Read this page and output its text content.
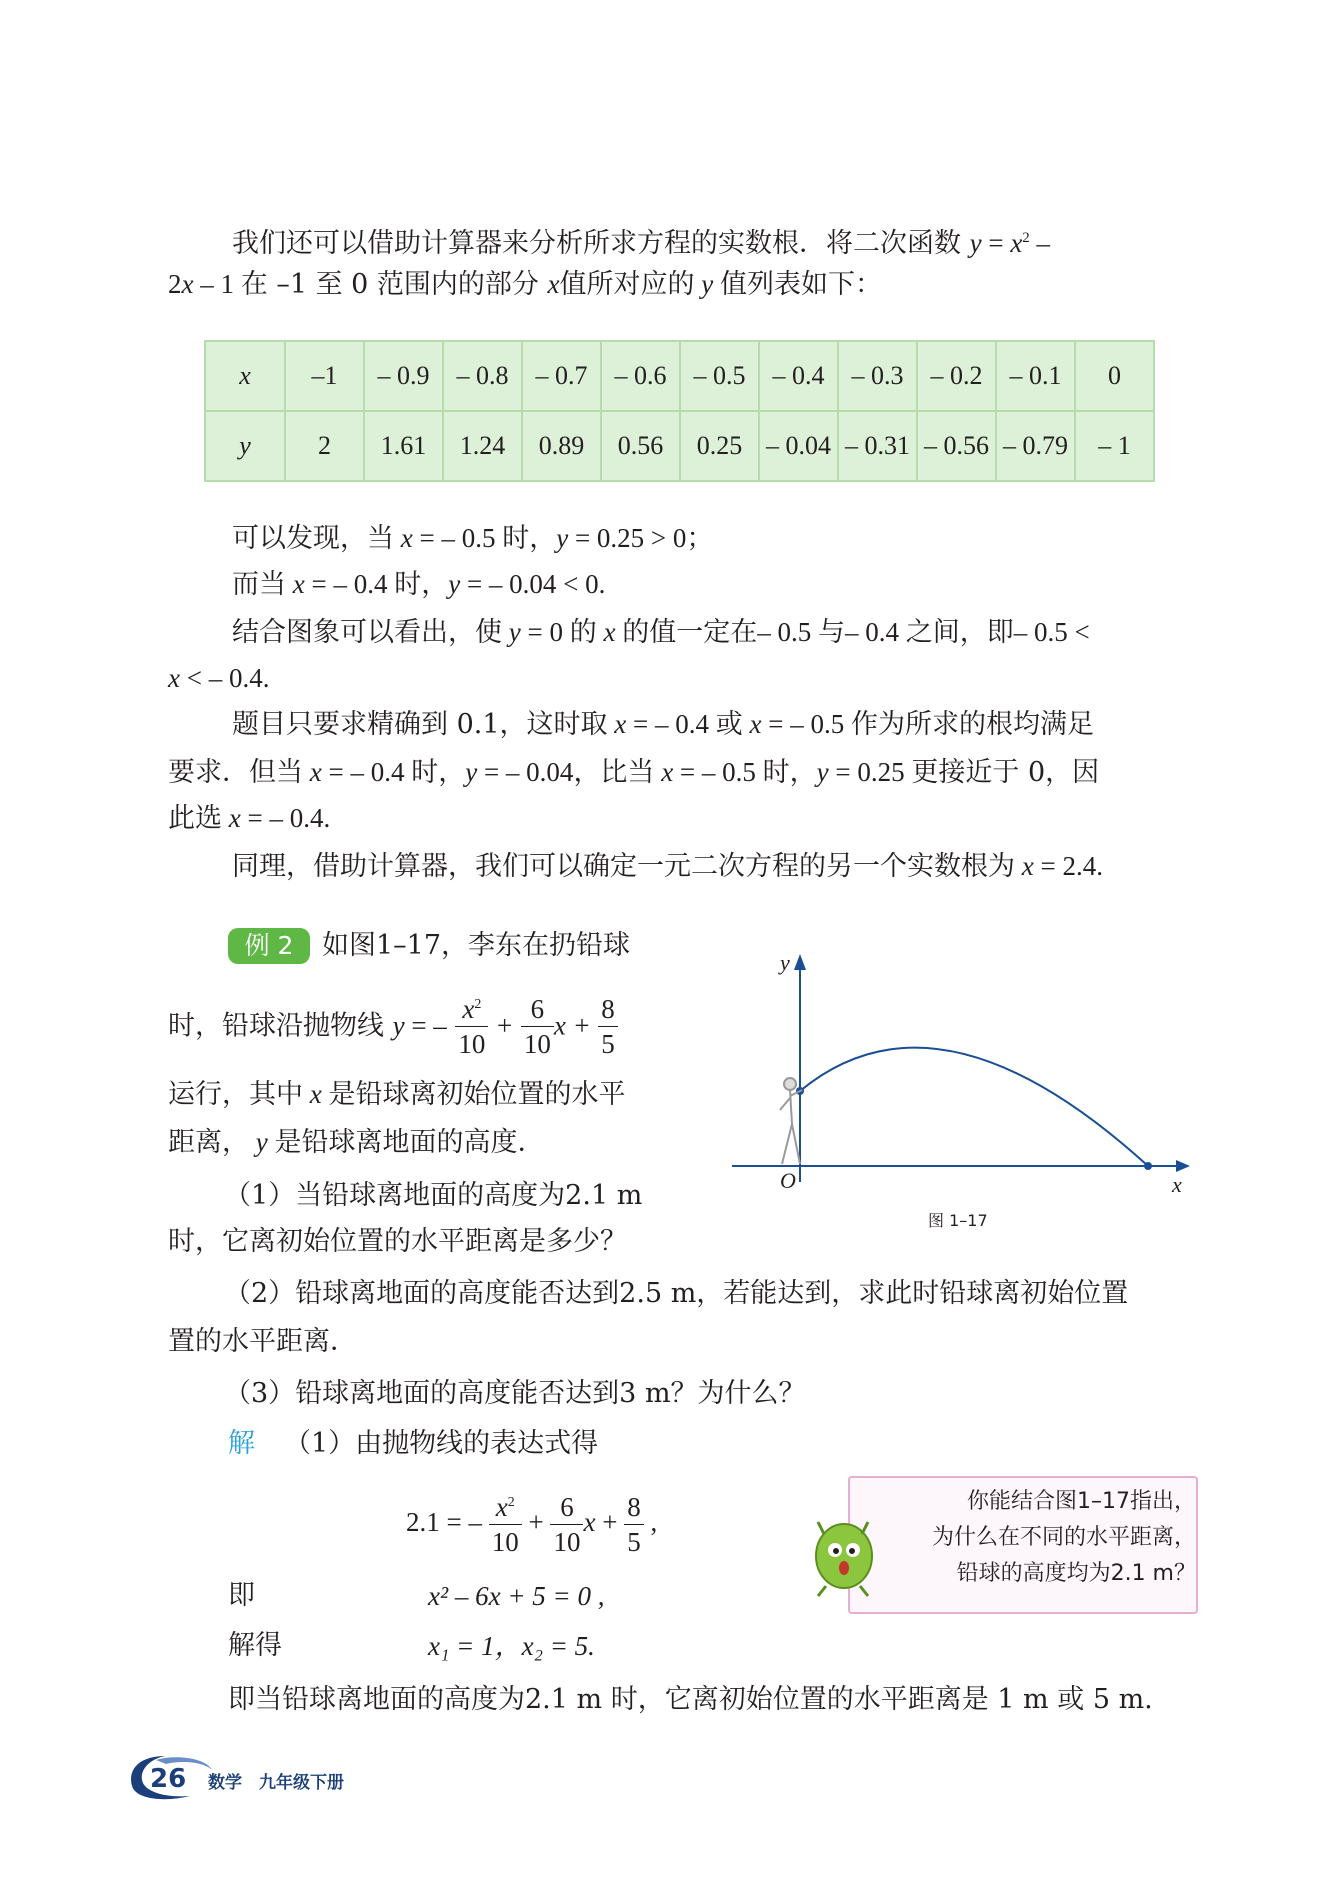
我们还可以借助计算器来分析所求方程的实数根．将二次函数 $y = x^2$ –
2x – 1 在 –1 至 0 范围内的部分 x值所对应的 y 值列表如下：
x	–1	– 0.9	– 0.8	– 0.7	– 0.6	– 0.5	– 0.4	– 0.3	– 0.2	– 0.1	0
y	2	1.61	1.24	0.89	0.56	0.25	– 0.04	– 0.31	– 0.56	– 0.79	– 1
可以发现，当 x = – 0.5 时，y = 0.25 > 0；
而当 x = – 0.4 时，y = – 0.04 < 0.
结合图象可以看出，使 y = 0 的 x 的值一定在– 0.5 与– 0.4 之间，即– 0.5 <
x < – 0.4.
题目只要求精确到 0.1，这时取 x = – 0.4 或 x = – 0.5 作为所求的根均满足
要求．但当 x = – 0.4 时，y = – 0.04，比当 x = – 0.5 时，y = 0.25 更接近于 0，因
此选 x = – 0.4.
同理，借助计算器，我们可以确定一元二次方程的另一个实数根为 x = 2.4.
例 2	如图1–17，李东在扔铅球
时，铅球沿抛物线 y = – $\frac{x^2}{10} + \frac{6}{10}$ $x + \frac{8}{5}$
运行，其中 x 是铅球离初始位置的水平
距离， y 是铅球离地面的高度．
（1）当铅球离地面的高度为2.1 m
时，它离初始位置的水平距离是多少？
（2）铅球离地面的高度能否达到2.5 m，若能达到，求此时铅球离初始位置
置的水平距离．
（3）铅球离地面的高度能否达到3 m？为什么？
y
x
O
图 1–17
解 （1）由抛物线的表达式得
2.1 = – $\frac{x^2}{10} + \frac{6}{10}$ $x + \frac{8}{5}$ ,
即	x² – 6x + 5 = 0 ,
解得	x₁ = 1，x₂ = 5.
即当铅球离地面的高度为2.1 m 时，它离初始位置的水平距离是 1 m 或 5 m.
你能结合图1–17指出，
为什么在不同的水平距离，
铅球的高度均为2.1 m？
26 数学　九年级下册
